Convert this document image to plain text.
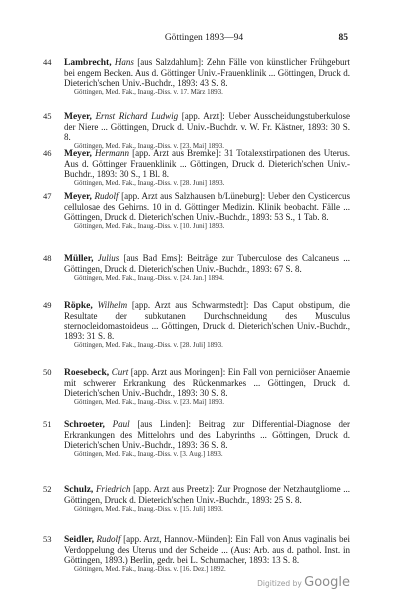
Göttingen 1893—94	85
44 Lambrecht, Hans [aus Salzdahlum]: Zehn Fälle von künstlicher Frühgeburt bei engem Becken. Aus d. Göttinger Univ.-Frauenklinik ... Göttingen, Druck d. Dieterich'schen Univ.-Buchdr., 1893: 43 S. 8.
Göttingen, Med. Fak., Inaug.-Diss. v. 17. März 1893.
45 Meyer, Ernst Richard Ludwig [app. Arzt]: Ueber Ausscheidungstuberkulose der Niere ... Göttingen, Druck d. Univ.-Buchdr. v. W. Fr. Kästner, 1893: 30 S. 8.
Göttingen, Med. Fak., Inaug.-Diss. v. [23. Mai] 1893.
46 Meyer, Hermann [app. Arzt aus Bremke]: 31 Totalexstirpationen des Uterus. Aus d. Göttinger Frauenklinik ... Göttingen, Druck d. Dieterich'schen Univ.-Buchdr., 1893: 30 S., 1 Bl. 8.
Göttingen, Med. Fak., Inaug.-Diss. v. [28. Juni] 1893.
47 Meyer, Rudolf [app. Arzt aus Salzhausen b/Lüneburg]: Ueber den Cysticercus cellulosae des Gehirns. 10 in d. Göttinger Medizin. Klinik beobacht. Fälle ... Göttingen, Druck d. Dieterich'schen Univ.-Buchdr., 1893: 53 S., 1 Tab. 8.
Göttingen, Med. Fak., Inaug.-Diss. v. [10. Juni] 1893.
48 Müller, Julius [aus Bad Ems]: Beiträge zur Tuberculose des Calcaneus ... Göttingen, Druck d. Dieterich'schen Univ.-Buchdr., 1893: 67 S. 8.
Göttingen, Med. Fak., Inaug.-Diss. v. [24. Jan.] 1894.
49 Röpke, Wilhelm [app. Arzt aus Schwarmstedt]: Das Caput obstipum, die Resultate der subkutanen Durchschneidung des Musculus sternocleidomastoideus ... Göttingen, Druck d. Dieterich'schen Univ.-Buchdr., 1893: 31 S. 8.
Göttingen, Med. Fak., Inaug.-Diss. v. [28. Juli] 1893.
50 Roesebeck, Curt [app. Arzt aus Moringen]: Ein Fall von perniciöser Anaemie mit schwerer Erkrankung des Rückenmarkes ... Göttingen, Druck d. Dieterich'schen Univ.-Buchdr., 1893: 30 S. 8.
Göttingen, Med. Fak., Inaug.-Diss. v. [23. Mai] 1893.
51 Schroeter, Paul [aus Linden]: Beitrag zur Differential-Diagnose der Erkrankungen des Mittelohrs und des Labyrinths ... Göttingen, Druck d. Dieterich'schen Univ.-Buchdr., 1893: 36 S. 8.
Göttingen, Med. Fak., Inaug.-Diss. v. [3. Aug.] 1893.
52 Schulz, Friedrich [app. Arzt aus Preetz]: Zur Prognose der Netzhautgliome ... Göttingen, Druck d. Dieterich'schen Univ.-Buchdr., 1893: 25 S. 8.
Göttingen, Med. Fak., Inaug.-Diss. v. [15. Juli] 1893.
53 Seidler, Rudolf [app. Arzt, Hannov.-Münden]: Ein Fall von Anus vaginalis bei Verdoppelung des Uterus und der Scheide ... (Aus: Arb. aus d. pathol. Inst. in Göttingen, 1893.) Berlin, gedr. bei L. Schumacher, 1893: 13 S. 8.
Göttingen, Med. Fak., Inaug.-Diss. v. [16. Dez.] 1892.
Digitized by Google
